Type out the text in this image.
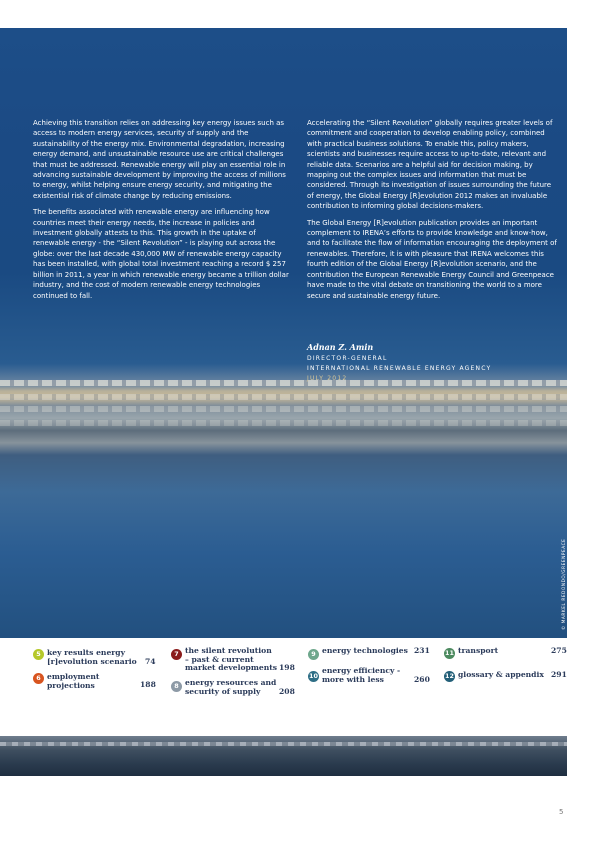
Achieving this transition relies on addressing key energy issues such as access to modern energy services, security of supply and the sustainability of the energy mix. Environmental degradation, increasing energy demand, and unsustainable resource use are critical challenges that must be addressed. Renewable energy will play an essential role in advancing sustainable development by improving the access of millions to energy, whilst helping ensure energy security, and mitigating the existential risk of climate change by reducing emissions.

The benefits associated with renewable energy are influencing how countries meet their energy needs, the increase in policies and investment globally attests to this. This growth in the uptake of renewable energy - the “Silent Revolution” - is playing out across the globe: over the last decade 430,000 MW of renewable energy capacity has been installed, with global total investment reaching a record $ 257 billion in 2011, a year in which renewable energy became a trillion dollar industry, and the cost of modern renewable energy technologies continued to fall.

Accelerating the “Silent Revolution” globally requires greater levels of commitment and cooperation to develop enabling policy, combined with practical business solutions. To enable this, policy makers, scientists and businesses require access to up-to-date, relevant and reliable data. Scenarios are a helpful aid for decision making, by mapping out the complex issues and information that must be considered. Through its investigation of issues surrounding the future of energy, the Global Energy [R]evolution 2012 makes an invaluable contribution to informing global decisions-makers.

The Global Energy [R]evolution publication provides an important complement to IRENA’s efforts to provide knowledge and know-how, and to facilitate the flow of information encouraging the deployment of renewables. Therefore, it is with pleasure that IRENA welcomes this fourth edition of the Global Energy [R]evolution scenario, and the contribution the European Renewable Energy Council and Greenpeace have made to the vital debate on transitioning the world to a more secure and sustainable energy future.

Adnan Z. Amin
DIRECTOR-GENERAL
INTERNATIONAL RENEWABLE ENERGY AGENCY
JULY 2012
© MARKEL REDONDO/GREENPEACE
5 key results energy
[r]evolution scenario 74
6 employment
projections	188
7 the silent revolution
– past & current
market developments 198
8 energy resources and
security of supply	208
9 energy technologies 231
10
energy efficiency -
more with less	260
11 transport	275
12 glossary & appendix 291
5
